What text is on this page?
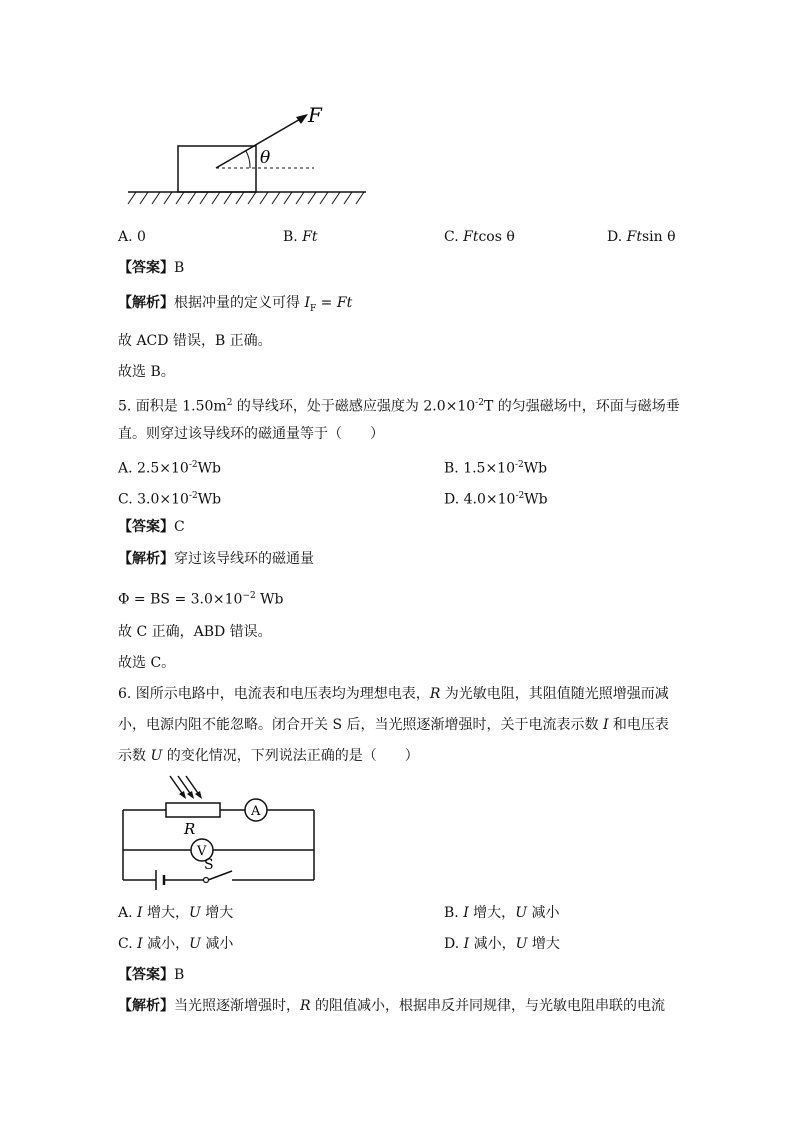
F
θ
A. 0	B. Ft	C. Ftcos θ	D. Ftsin θ
【答案】B
【解析】根据冲量的定义可得 $I_F = Ft$
故 ACD 错误，B 正确。
故选 B。
5. 面积是 $1.50m^2$ 的导线环，处于磁感应强度为 $2.0\times 10^{-2}T$ 的匀强磁场中，环面与磁场垂
直。则穿过该导线环的磁通量等于（　　）
A. $2.5\times 10^{-2}Wb$	B. $1.5\times 10^{-2}Wb$
C. $3.0\times 10^{-2}Wb$	D. $4.0\times 10^{-2}Wb$
【答案】C
【解析】穿过该导线环的磁通量
Φ = BS = $3.0\times 10^{-2}$ Wb
故 C 正确，ABD 错误。
故选 C。
6. 图所示电路中，电流表和电压表均为理想电表，R 为光敏电阻，其阻值随光照增强而减
小，电源内阻不能忽略。闭合开关 S 后，当光照逐渐增强时，关于电流表示数 I 和电压表
示数 U 的变化情况，下列说法正确的是（　　）
R
A
V
S
A. I 增大，U 增大	B. I 增大，U 减小
C. I 减小，U 减小	D. I 减小，U 增大
【答案】B
【解析】当光照逐渐增强时，R 的阻值减小，根据串反并同规律，与光敏电阻串联的电流
